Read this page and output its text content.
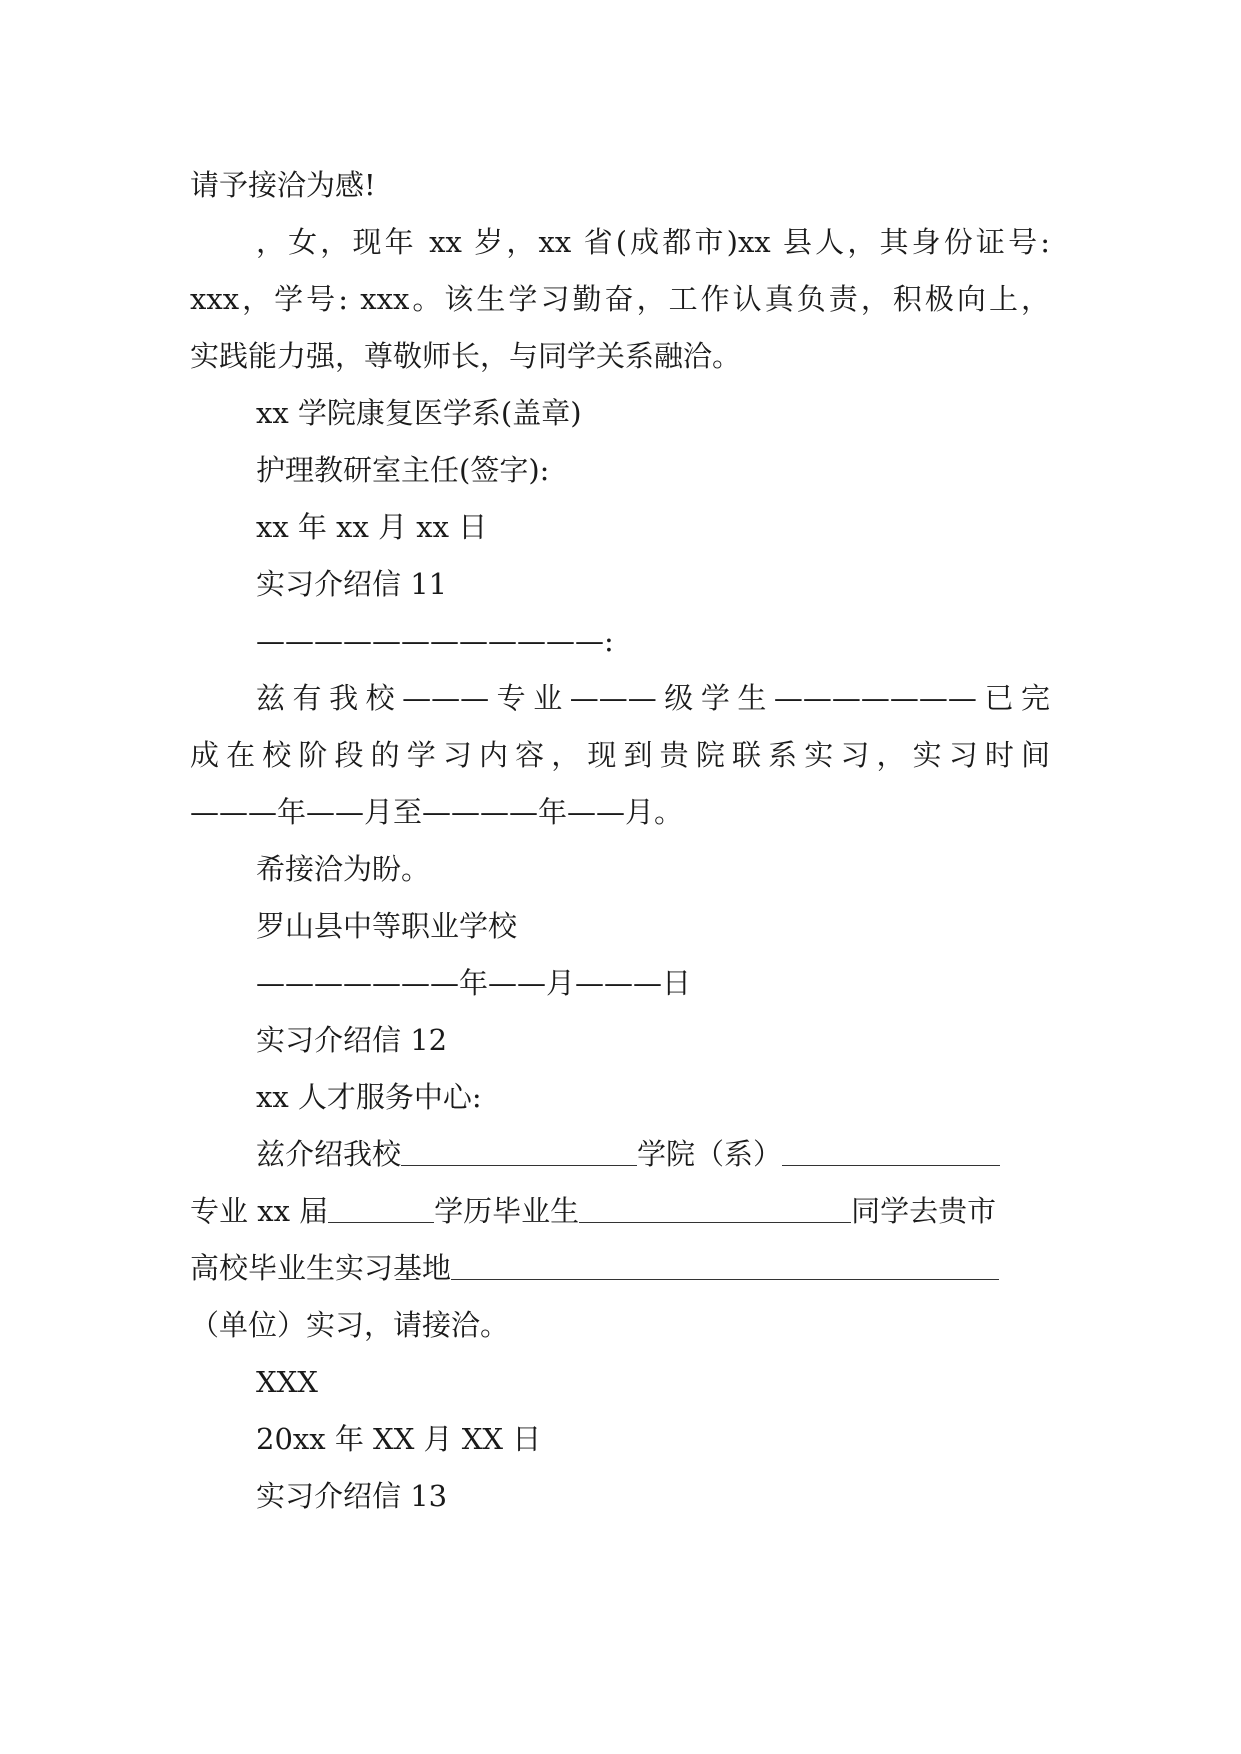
请予接洽为感!
，女，现年 xx 岁，xx 省(成都市)xx 县人，其身份证号:
xxx，学号: xxx。该生学习勤奋，工作认真负责，积极向上，
实践能力强，尊敬师长，与同学关系融洽。
xx 学院康复医学系(盖章)
护理教研室主任(签字):
xx 年 xx 月 xx 日
实习介绍信 11
————————————:
兹有我校———专业———级学生———————已完
成在校阶段的学习内容，现到贵院联系实习，实习时间
———年——月至————年——月。
希接洽为盼。
罗山县中等职业学校
———————年——月———日
实习介绍信 12
xx 人才服务中心:
兹介绍我校	学院（系）
专业 xx 届	学历毕业生	同学去贵市
高校毕业生实习基地
（单位）实习，请接洽。
XXX
20xx 年 XX 月 XX 日
实习介绍信 13
